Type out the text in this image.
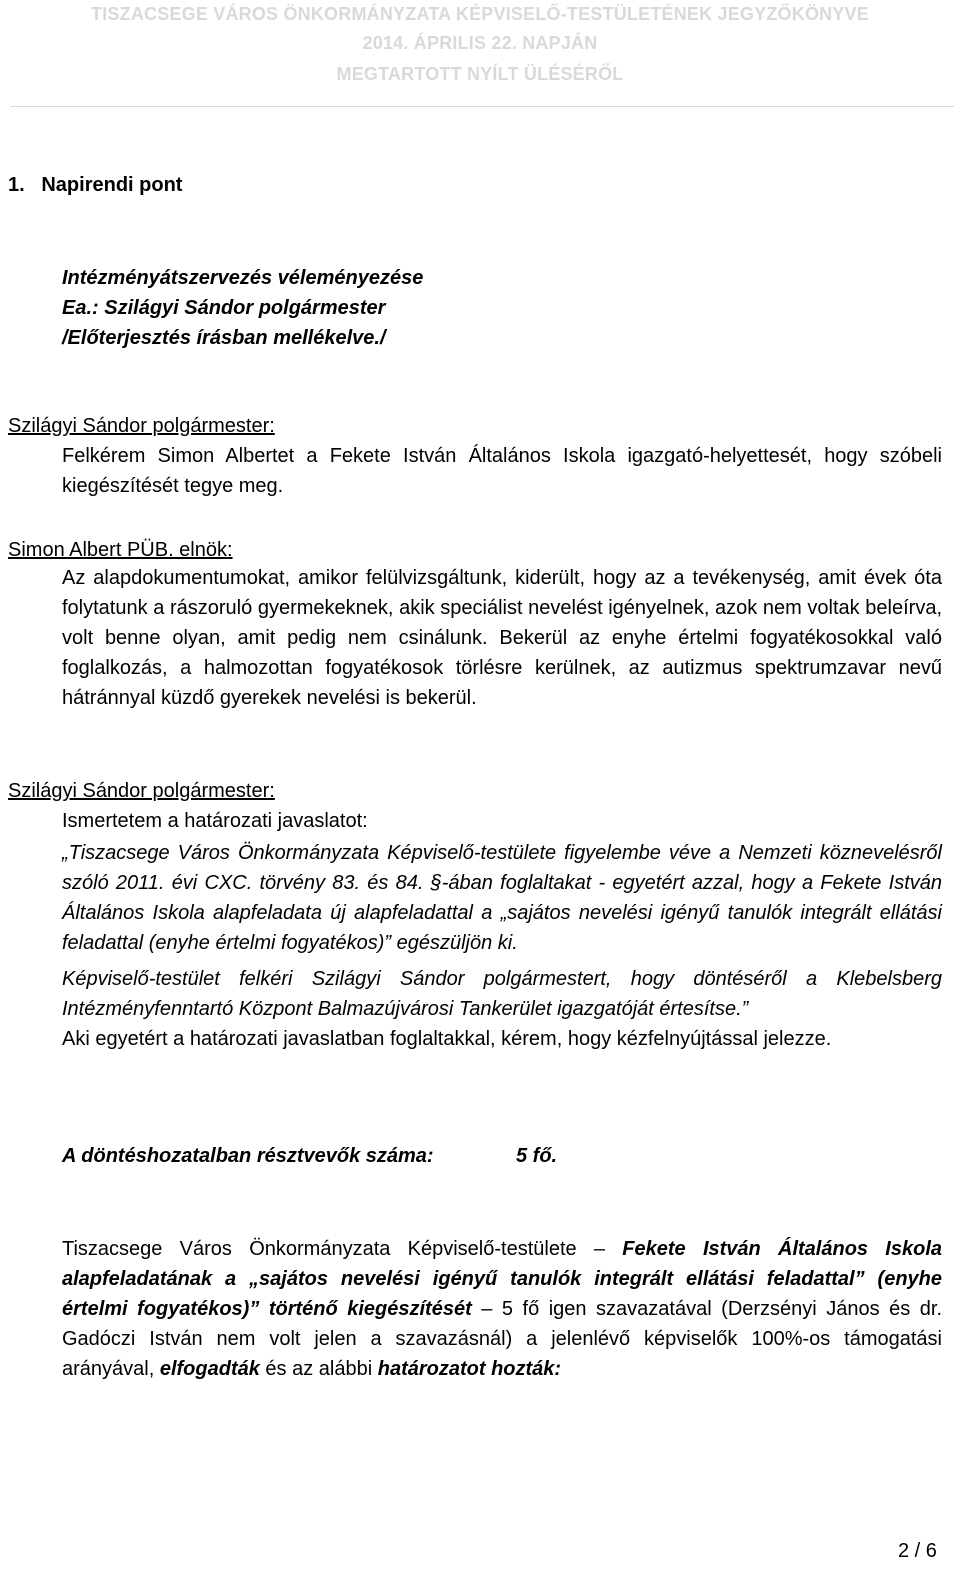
TISZACSEGE VÁROS ÖNKORMÁNYZATA KÉPVISELŐ-TESTÜLETÉNEK JEGYZŐKÖNYVE
2014. ÁPRILIS 22. NAPJÁN
MEGTARTOTT NYÍLT ÜLÉSÉRŐL
1.   Napirendi pont
Intézményátszervezés véleményezése
Ea.: Szilágyi Sándor polgármester
/Előterjesztés írásban mellékelve./
Szilágyi Sándor polgármester:
Felkérem Simon Albertet a Fekete István Általános Iskola igazgató-helyettesét, hogy szóbeli kiegészítését tegye meg.
Simon Albert PÜB. elnök:
Az alapdokumentumokat, amikor felülvizsgáltunk, kiderült, hogy az a tevékenység, amit évek óta folytatunk a rászoruló gyermekeknek, akik speciálist nevelést igényelnek, azok nem voltak beleírva, volt benne olyan, amit pedig nem csinálunk. Bekerül az enyhe értelmi fogyatékosokkal való foglalkozás, a halmozottan fogyatékosok törlésre kerülnek, az autizmus spektrumzavar nevű hátránnyal küzdő gyerekek nevelési is bekerül.
Szilágyi Sándor polgármester:
Ismertetem a határozati javaslatot:
„Tiszacsege Város Önkormányzata Képviselő-testülete figyelembe véve a Nemzeti köznevelésről szóló 2011. évi CXC. törvény 83. és 84. §-ában foglaltakat - egyetért azzal, hogy a Fekete István Általános Iskola alapfeladata új alapfeladattal a „sajátos nevelési igényű tanulók integrált ellátási feladattal (enyhe értelmi fogyatékos)” egészüljön ki.
Képviselő-testület felkéri Szilágyi Sándor polgármestert, hogy döntéséről a Klebelsberg Intézményfenntartó Központ Balmazújvárosi Tankerület igazgatóját értesítse.”
Aki egyetért a határozati javaslatban foglaltakkal, kérem, hogy kézfelnyújtással jelezze.
A döntéshozatalban résztvevők száma:	5 fő.
Tiszacsege Város Önkormányzata Képviselő-testülete – Fekete István Általános Iskola alapfeladatának a „sajátos nevelési igényű tanulók integrált ellátási feladattal” (enyhe értelmi fogyatékos)” történő kiegészítését – 5 fő igen szavazatával (Derzsényi János és dr. Gadóczi István nem volt jelen a szavazásnál) a jelenlévő képviselők 100%-os támogatási arányával, elfogadták és az alábbi határozatot hozták:
2 / 6
